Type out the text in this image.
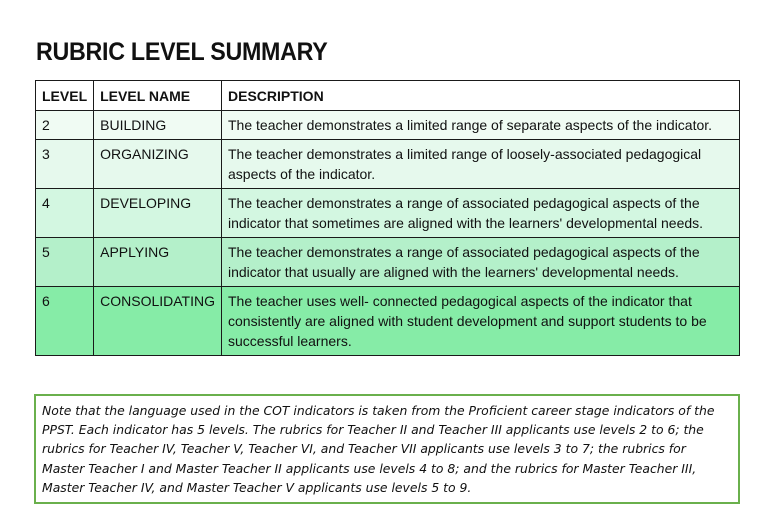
RUBRIC LEVEL SUMMARY
LEVEL	LEVEL NAME	DESCRIPTION
2	BUILDING	The teacher demonstrates a limited range of separate aspects of the indicator.
3	ORGANIZING	The teacher demonstrates a limited range of loosely-associated pedagogical aspects of the indicator.
4	DEVELOPING	The teacher demonstrates a range of associated pedagogical aspects of the indicator that sometimes are aligned with the learners' developmental needs.
5	APPLYING	The teacher demonstrates a range of associated pedagogical aspects of the indicator that usually are aligned with the learners' developmental needs.
6	CONSOLIDATING	The teacher uses well- connected pedagogical aspects of the indicator that consistently are aligned with student development and support students to be successful learners.
Note that the language used in the COT indicators is taken from the Proficient career stage indicators of the PPST. Each indicator has 5 levels. The rubrics for Teacher II and Teacher III applicants use levels 2 to 6; the rubrics for Teacher IV, Teacher V, Teacher VI, and Teacher VII applicants use levels 3 to 7; the rubrics for Master Teacher I and Master Teacher II applicants use levels 4 to 8; and the rubrics for Master Teacher III, Master Teacher IV, and Master Teacher V applicants use levels 5 to 9.
